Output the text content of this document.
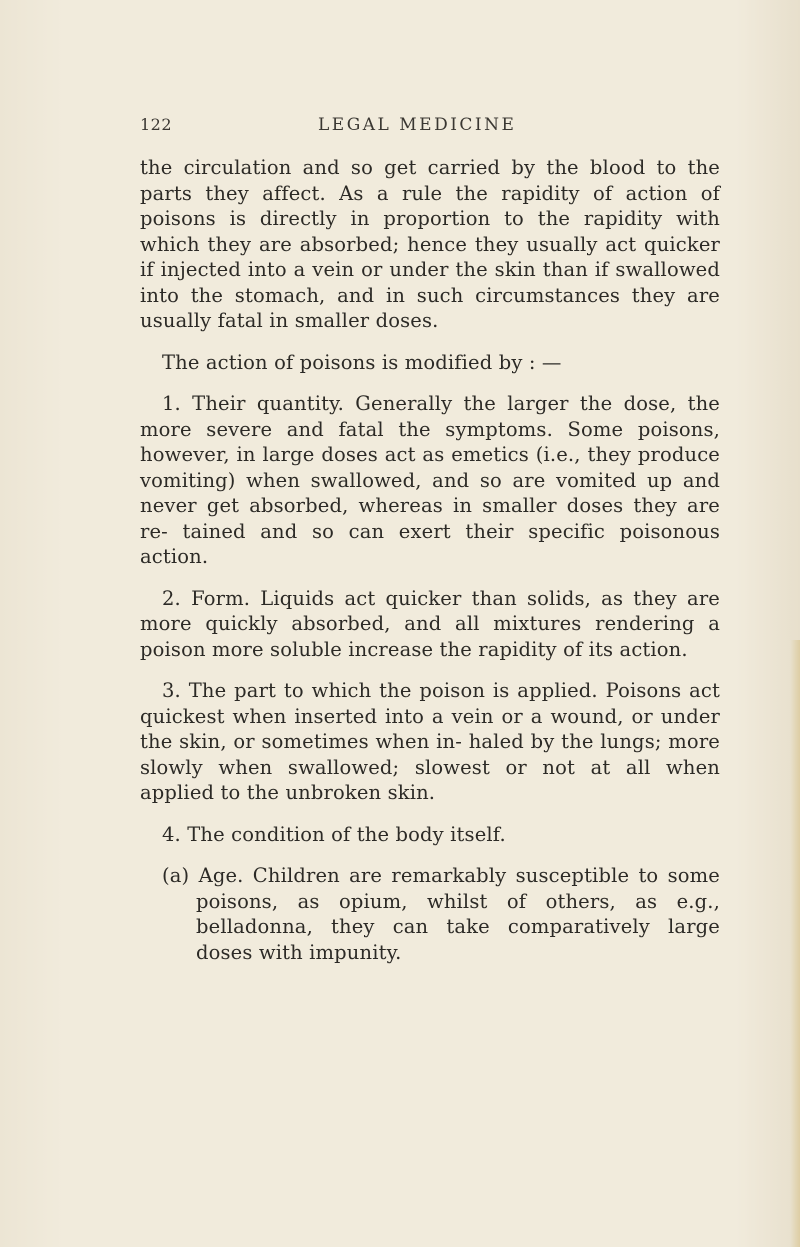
122	LEGAL MEDICINE

the circulation and so get carried by the blood to the parts they affect. As a rule the rapidity of action of poisons is directly in proportion to the rapidity with which they are absorbed; hence they usually act quicker if injected into a vein or under the skin than if swallowed into the stomach, and in such circumstances they are usually fatal in smaller doses.

The action of poisons is modified by : —

1. Their quantity. Generally the larger the dose, the more severe and fatal the symptoms. Some poisons, however, in large doses act as emetics (i.e., they produce vomiting) when swallowed, and so are vomited up and never get absorbed, whereas in smaller doses they are re- tained and so can exert their specific poisonous action.

2. Form. Liquids act quicker than solids, as they are more quickly absorbed, and all mixtures rendering a poison more soluble increase the rapidity of its action.

3. The part to which the poison is applied. Poisons act quickest when inserted into a vein or a wound, or under the skin, or sometimes when in- haled by the lungs; more slowly when swallowed; slowest or not at all when applied to the unbroken skin.

4. The condition of the body itself.

(a) Age. Children are remarkably susceptible to some poisons, as opium, whilst of others, as e.g., belladonna, they can take comparatively large doses with impunity.
